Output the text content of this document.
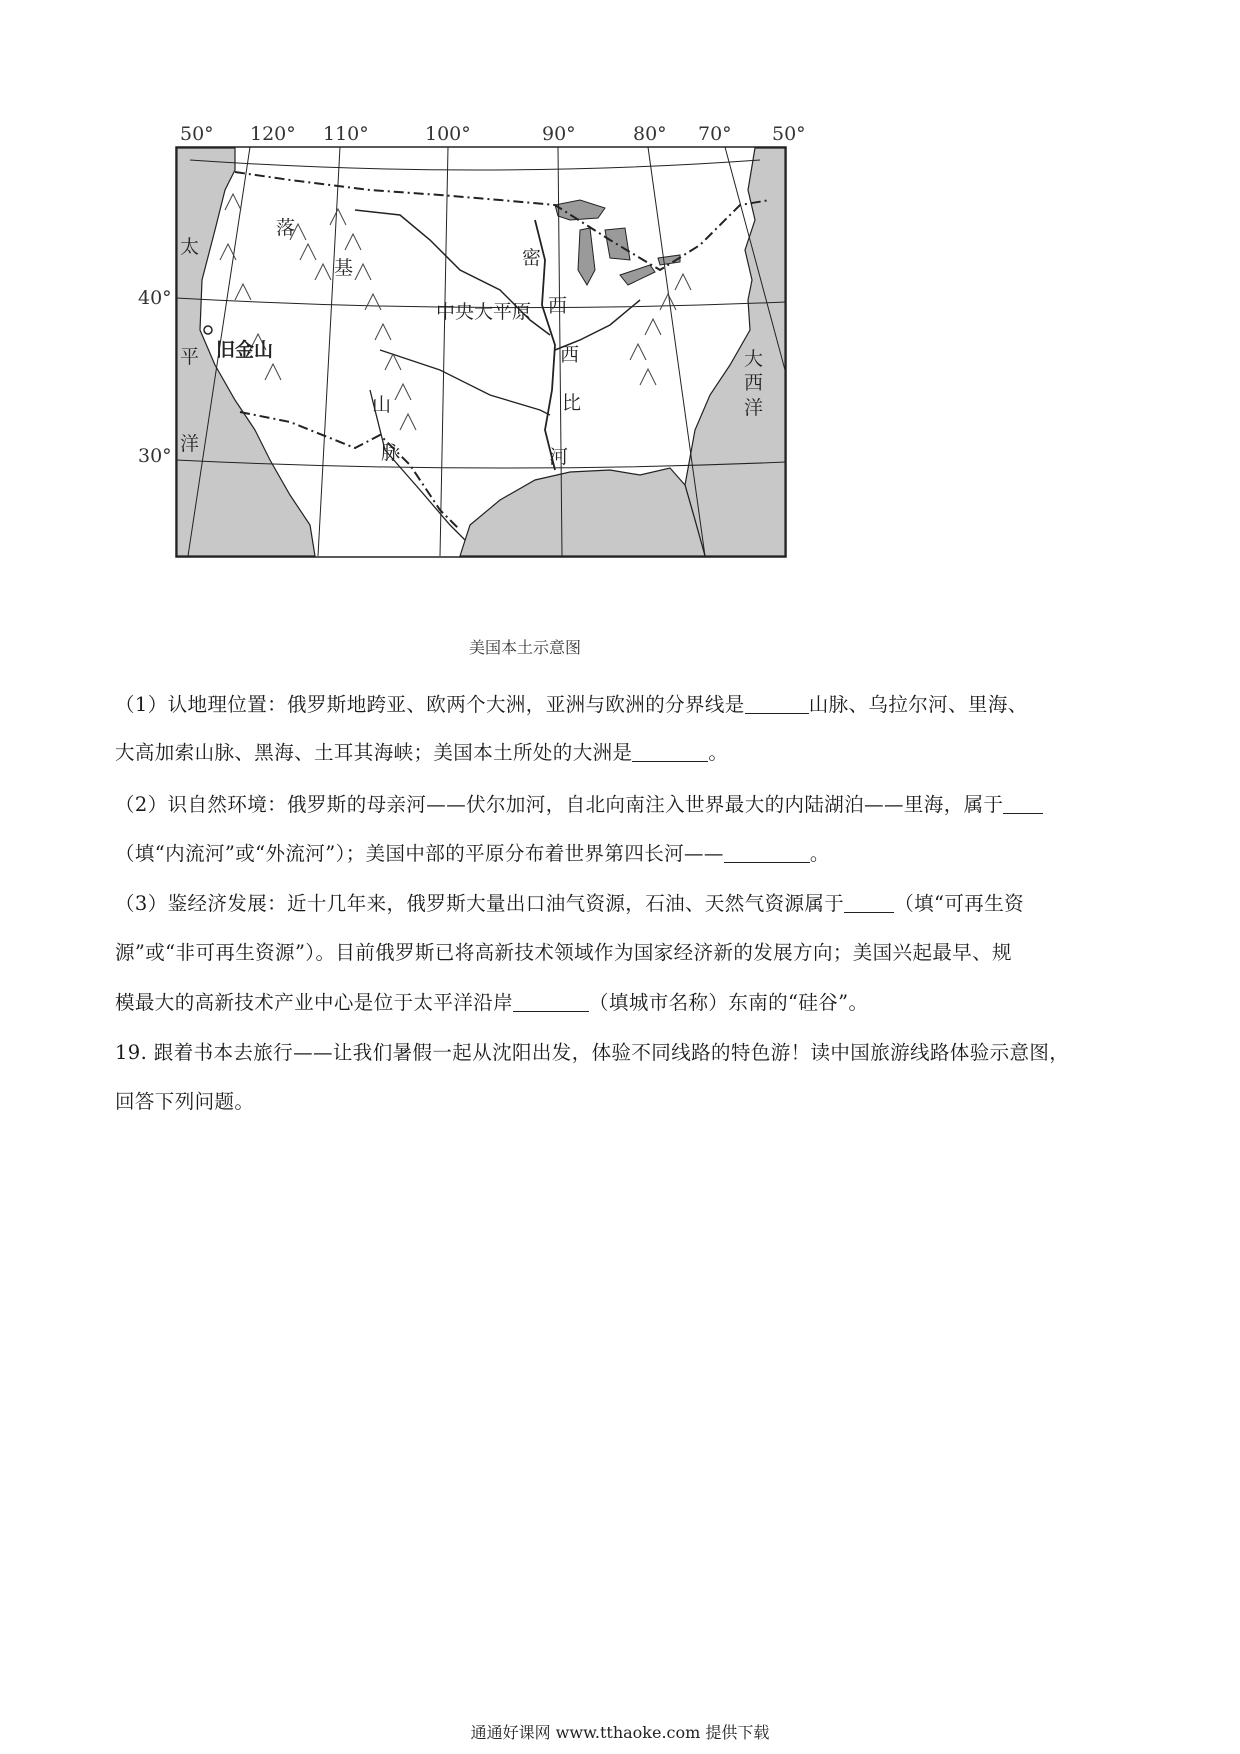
50° 120° 110°	100°	90°	80° 70° 50°
40°
30°
太
平
洋
落
基
山
脉
密
西
西
比
河
中央大平原
旧金山	大
西
洋
美国本土示意图

（1）认地理位置：俄罗斯地跨亚、欧两个大洲，亚洲与欧洲的分界线是	山脉、乌拉尔河、里海、

大高加索山脉、黑海、土耳其海峡；美国本土所处的大洲是	。

（2）识自然环境：俄罗斯的母亲河——伏尔加河，自北向南注入世界最大的内陆湖泊——里海，属于

（填“内流河”或“外流河”）；美国中部的平原分布着世界第四长河——	。

（3）鉴经济发展：近十几年来，俄罗斯大量出口油气资源，石油、天然气资源属于	（填“可再生资

源”或“非可再生资源”）。目前俄罗斯已将高新技术领域作为国家经济新的发展方向；美国兴起最早、规

模最大的高新技术产业中心是位于太平洋沿岸	（填城市名称）东南的“硅谷”。

19. 跟着书本去旅行——让我们暑假一起从沈阳出发，体验不同线路的特色游！读中国旅游线路体验示意图，

回答下列问题。

通通好课网 www.tthaoke.com 提供下载
